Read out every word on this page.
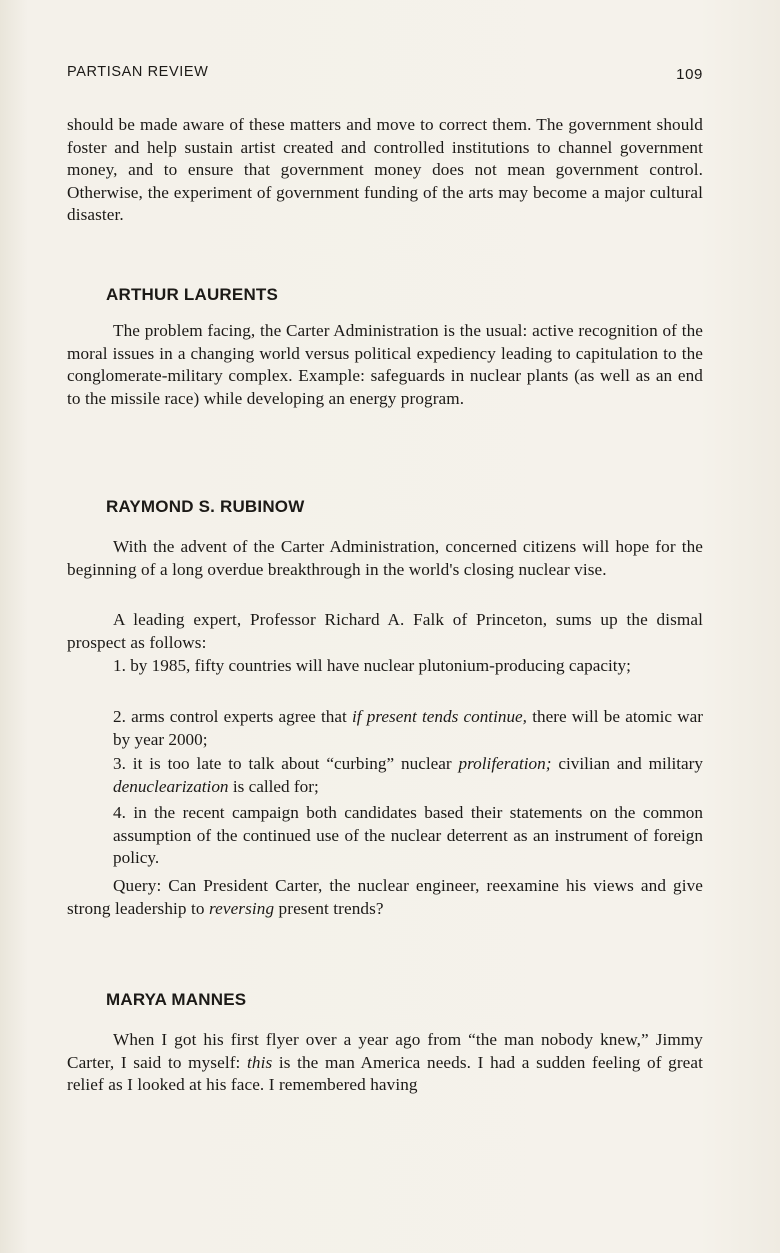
PARTISAN REVIEW	109

should be made aware of these matters and move to correct them. The government should foster and help sustain artist created and controlled institutions to channel government money, and to ensure that government money does not mean government control. Otherwise, the experiment of government funding of the arts may become a major cultural disaster.

ARTHUR LAURENTS

The problem facing, the Carter Administration is the usual: active recognition of the moral issues in a changing world versus political expediency leading to capitulation to the conglomerate-military complex. Example: safeguards in nuclear plants (as well as an end to the missile race) while developing an energy program.

RAYMOND S. RUBINOW

With the advent of the Carter Administration, concerned citizens will hope for the beginning of a long overdue breakthrough in the world's closing nuclear vise.

A leading expert, Professor Richard A. Falk of Princeton, sums up the dismal prospect as follows:

1. by 1985, fifty countries will have nuclear plutonium-producing capacity;

2. arms control experts agree that if present tends continue, there will be atomic war by year 2000;

3. it is too late to talk about “curbing” nuclear proliferation; civilian and military denuclearization is called for;

4. in the recent campaign both candidates based their statements on the common assumption of the continued use of the nuclear deterrent as an instrument of foreign policy.

Query: Can President Carter, the nuclear engineer, reexamine his views and give strong leadership to reversing present trends?

MARYA MANNES

When I got his first flyer over a year ago from “the man nobody knew,” Jimmy Carter, I said to myself: this is the man America needs. I had a sudden feeling of great relief as I looked at his face. I remembered having
